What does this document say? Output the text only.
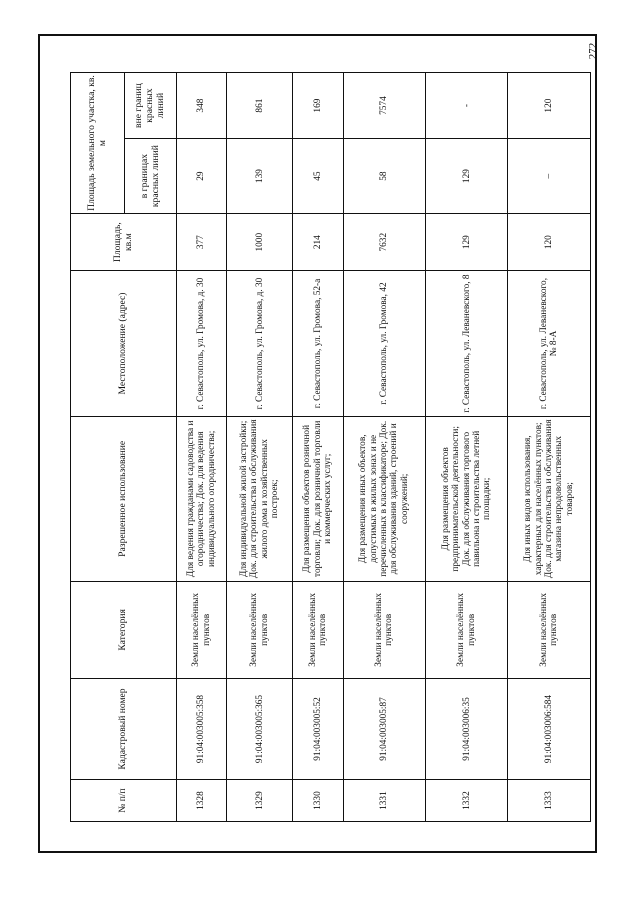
272
№ п/п	Кадастровый номер	Категория	Разрешенное использование	Местоположение (адрес)	Площадь, кв.м	Площадь земельного участка, кв. м	
						в границах красных линий	вне границ красных линий
1328	91:04:003005:358	Земли населённых пунктов	Для ведения гражданами садоводства и огородничества; Док. для ведения индивидуального огородничества;	г. Севастополь, ул. Громова, д. 30	377	29	348
1329	91:04:003005:365	Земли населённых пунктов	Для индивидуальной жилой застройки; Док. для строительства и обслуживания жилого дома и хозяйственных построек;	г. Севастополь, ул. Громова, д. 30	1000	139	861
1330	91:04:003005:52	Земли населённых пунктов	Для размещения объектов розничной торговли; Док. для розничной торговли и коммерческих услуг;	г. Севастополь, ул. Громова, 52-а	214	45	169
1331	91:04:003005:87	Земли населённых пунктов	Для размещения иных объектов, допустимых в жилых зонах и не перечисленных в классификаторе; Док. для обслуживания зданий, строений и сооружений;	г. Севастополь, ул. Громова, 42	7632	58	7574
1332	91:04:003006:35	Земли населённых пунктов	Для размещения объектов предпринимательской деятельности; Док. для обслуживания торгового павильона и строительства летней площадки;	г. Севастополь, ул. Леваневского, 8	129	129	-
1333	91:04:003006:584	Земли населённых пунктов	Для иных видов использования, характерных для населённых пунктов; Док. для строительства и обслуживания магазина непродовольственных товаров;	г. Севастополь, ул. Леваневского, № 8-А	120	–	120
